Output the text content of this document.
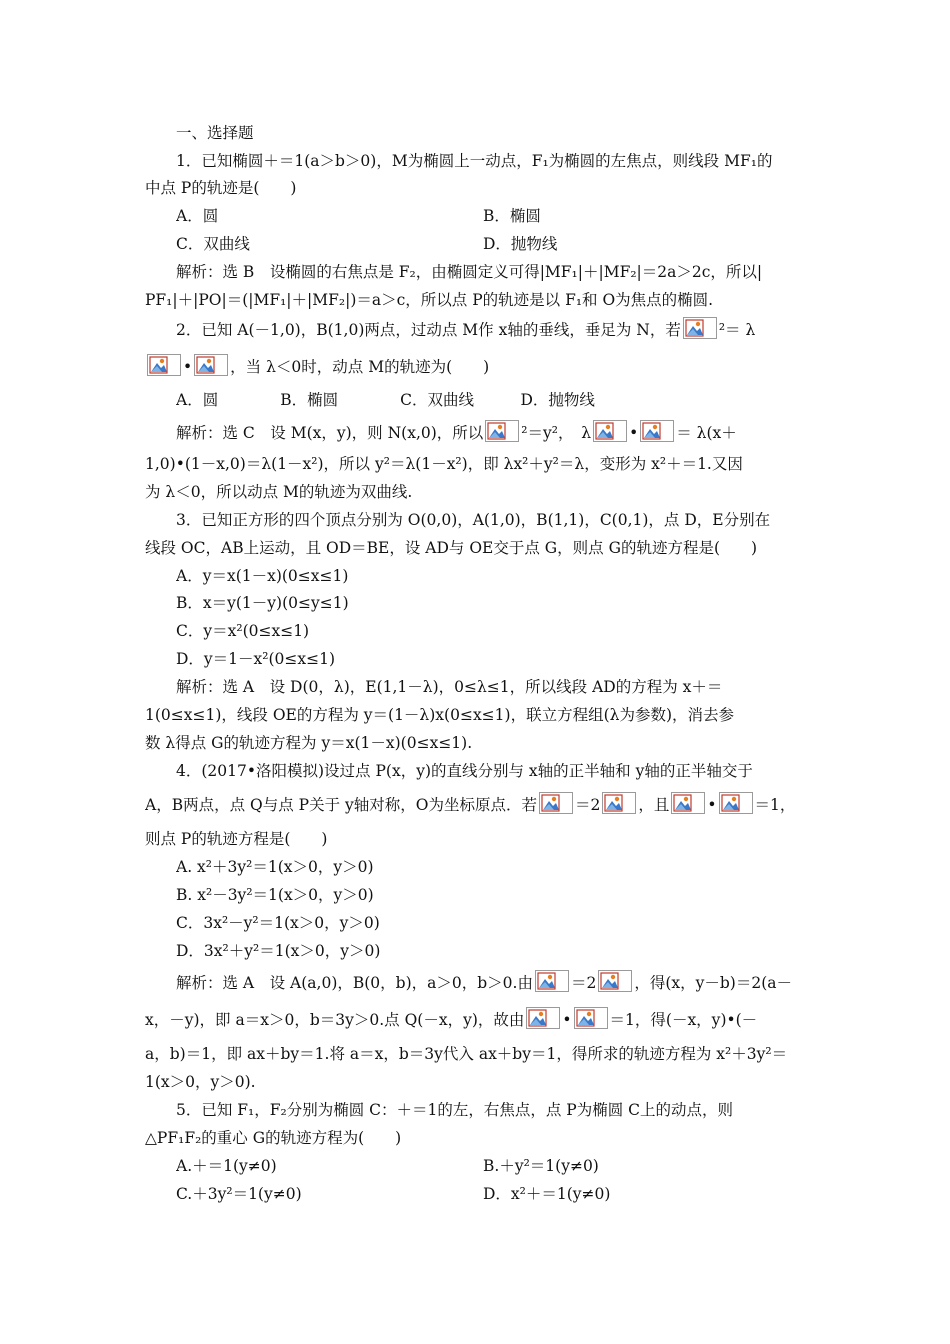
一、选择题
1．已知椭圆＋＝1(a＞b＞0)，M为椭圆上一动点，F₁为椭圆的左焦点，则线段 MF₁的
中点 P的轨迹是(　　)
A．圆	B．椭圆
C．双曲线	D．抛物线
解析：选 B　设椭圆的右焦点是 F₂，由椭圆定义可得|MF₁|＋|MF₂|＝2a＞2c，所以|
PF₁|＋|PO|＝(|MF₁|＋|MF₂|)＝a＞c，所以点 P的轨迹是以 F₁和 O为焦点的椭圆.
2．已知 A(－1,0)，B(1,0)两点，过动点 M作 x轴的垂线，垂足为 N，若 ²＝ λ
• ，当 λ＜0时，动点 M的轨迹为(　　)
A．圆　　　　B．椭圆　　　　C．双曲线　　　D．抛物线
解析：选 C　设 M(x，y)，则 N(x,0)，所以 ²＝y²，　λ • ＝ λ(x＋
1,0)•(1－x,0)＝λ(1－x²)，所以 y²＝λ(1－x²)，即 λx²＋y²＝λ，变形为 x²＋＝1.又因
为 λ＜0，所以动点 M的轨迹为双曲线.
3．已知正方形的四个顶点分别为 O(0,0)，A(1,0)，B(1,1)，C(0,1)，点 D，E分别在
线段 OC，AB上运动，且 OD＝BE，设 AD与 OE交于点 G，则点 G的轨迹方程是(　　)
A．y＝x(1－x)(0≤x≤1)
B．x＝y(1－y)(0≤y≤1)
C．y＝x²(0≤x≤1)
D．y＝1－x²(0≤x≤1)
解析：选 A　设 D(0，λ)，E(1,1－λ)，0≤λ≤1，所以线段 AD的方程为 x＋＝
1(0≤x≤1)，线段 OE的方程为 y＝(1－λ)x(0≤x≤1)，联立方程组(λ为参数)，消去参
数 λ得点 G的轨迹方程为 y＝x(1－x)(0≤x≤1).
4．(2017•洛阳模拟)设过点 P(x，y)的直线分别与 x轴的正半轴和 y轴的正半轴交于
A，B两点，点 Q与点 P关于 y轴对称，O为坐标原点．若 ＝2 ，且 • ＝1，
则点 P的轨迹方程是(　　)
A. x²＋3y²＝1(x＞0，y＞0)
B. x²－3y²＝1(x＞0，y＞0)
C．3x²－y²＝1(x＞0，y＞0)
D．3x²＋y²＝1(x＞0，y＞0)
解析：选 A　设 A(a,0)，B(0，b)，a＞0，b＞0.由 ＝2 ，得(x，y－b)＝2(a－
x，－y)，即 a＝x＞0，b＝3y＞0.点 Q(－x，y)，故由 • ＝1，得(－x，y)•(－
a，b)＝1，即 ax＋by＝1.将 a＝x，b＝3y代入 ax＋by＝1，得所求的轨迹方程为 x²＋3y²＝
1(x＞0，y＞0).
5．已知 F₁，F₂分别为椭圆 C：＋＝1的左，右焦点，点 P为椭圆 C上的动点，则
△PF₁F₂的重心 G的轨迹方程为(　　)
A.＋＝1(y≠0)	B.＋y²＝1(y≠0)
C.＋3y²＝1(y≠0)	D．x²＋＝1(y≠0)
